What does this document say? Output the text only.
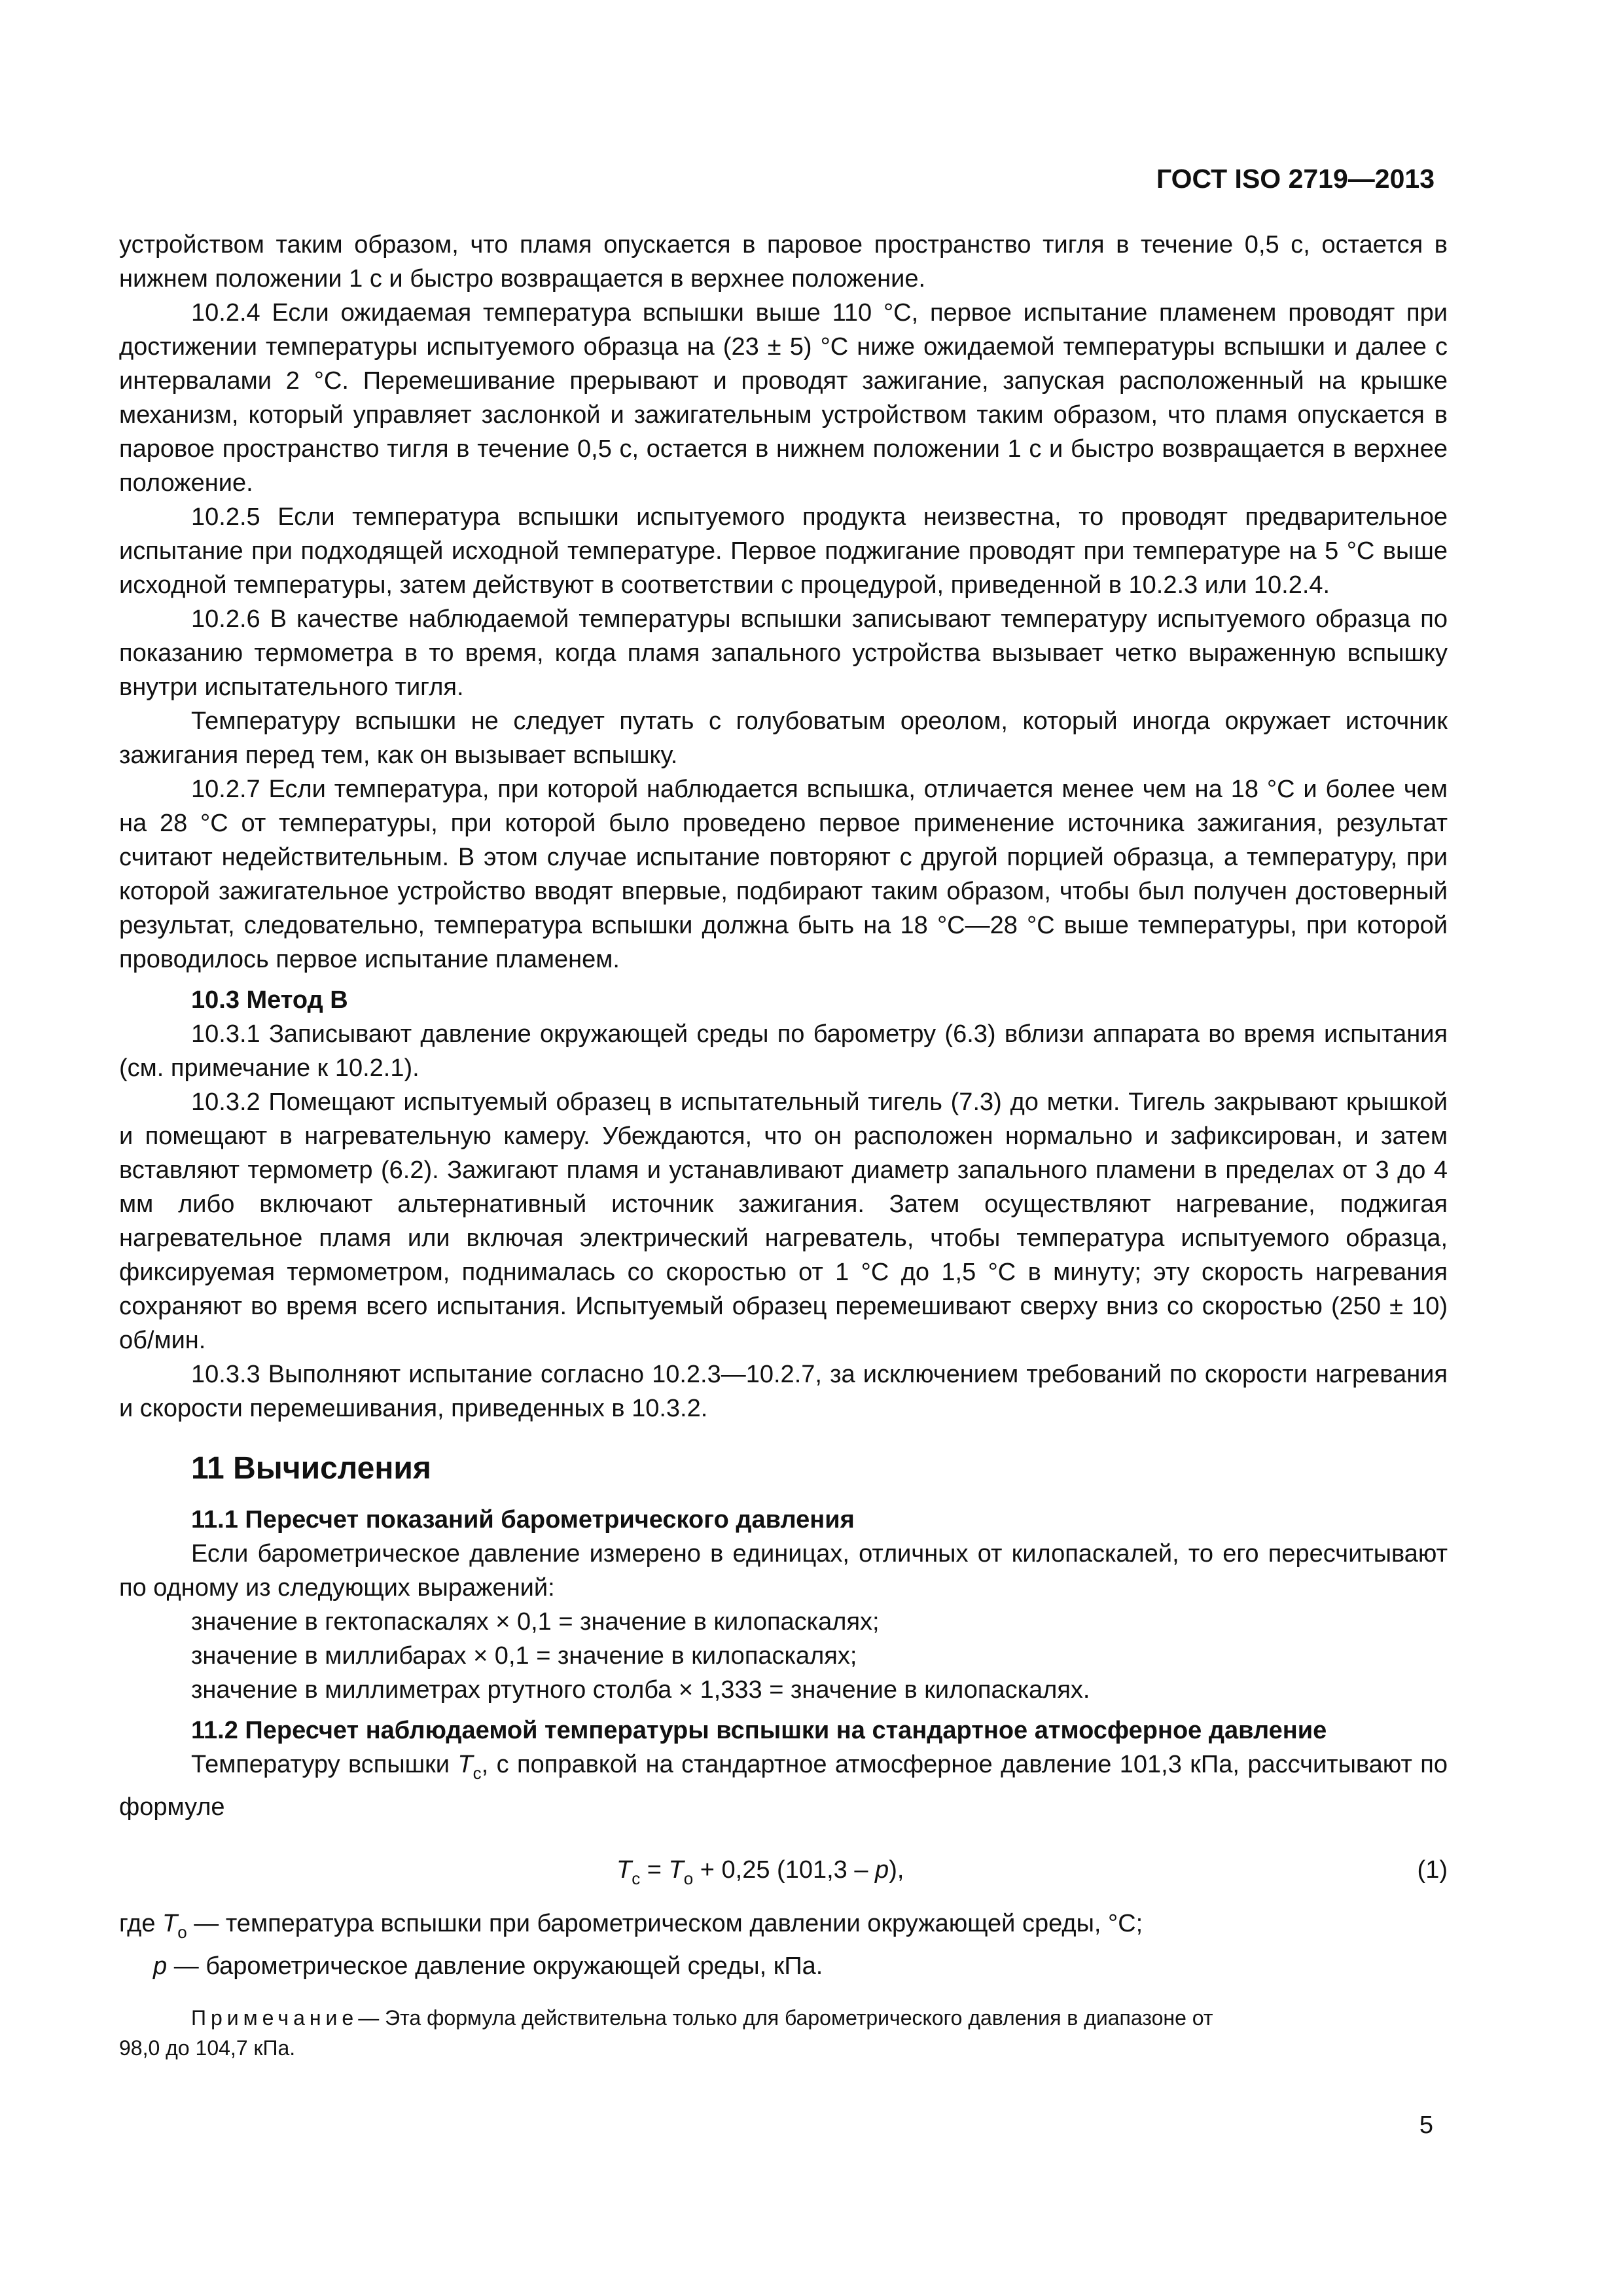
ГОСТ ISO 2719—2013

устройством таким образом, что пламя опускается в паровое пространство тигля в течение 0,5 с, остается в нижнем положении 1 с и быстро возвращается в верхнее положение.

10.2.4 Если ожидаемая температура вспышки выше 110 °С, первое испытание пламенем проводят при достижении температуры испытуемого образца на (23 ± 5) °С ниже ожидаемой температуры вспышки и далее с интервалами 2 °С. Перемешивание прерывают и проводят зажигание, запуская расположенный на крышке механизм, который управляет заслонкой и зажигательным устройством таким образом, что пламя опускается в паровое пространство тигля в течение 0,5 с, остается в нижнем положении 1 с и быстро возвращается в верхнее положение.

10.2.5 Если температура вспышки испытуемого продукта неизвестна, то проводят предварительное испытание при подходящей исходной температуре. Первое поджигание проводят при температуре на 5 °С выше исходной температуры, затем действуют в соответствии с процедурой, приведенной в 10.2.3 или 10.2.4.

10.2.6 В качестве наблюдаемой температуры вспышки записывают температуру испытуемого образца по показанию термометра в то время, когда пламя запального устройства вызывает четко выраженную вспышку внутри испытательного тигля.

Температуру вспышки не следует путать с голубоватым ореолом, который иногда окружает источник зажигания перед тем, как он вызывает вспышку.

10.2.7 Если температура, при которой наблюдается вспышка, отличается менее чем на 18 °С и более чем на 28 °С от температуры, при которой было проведено первое применение источника зажигания, результат считают недействительным. В этом случае испытание повторяют с другой порцией образца, а температуру, при которой зажигательное устройство вводят впервые, подбирают таким образом, чтобы был получен достоверный результат, следовательно, температура вспышки должна быть на 18 °С—28 °С выше температуры, при которой проводилось первое испытание пламенем.

10.3 Метод В

10.3.1 Записывают давление окружающей среды по барометру (6.3) вблизи аппарата во время испытания (см. примечание к 10.2.1).

10.3.2 Помещают испытуемый образец в испытательный тигель (7.3) до метки. Тигель закрывают крышкой и помещают в нагревательную камеру. Убеждаются, что он расположен нормально и зафиксирован, и затем вставляют термометр (6.2). Зажигают пламя и устанавливают диаметр запального пламени в пределах от 3 до 4 мм либо включают альтернативный источник зажигания. Затем осуществляют нагревание, поджигая нагревательное пламя или включая электрический нагреватель, чтобы температура испытуемого образца, фиксируемая термометром, поднималась со скоростью от 1 °С до 1,5 °С в минуту; эту скорость нагревания сохраняют во время всего испытания. Испытуемый образец перемешивают сверху вниз со скоростью (250 ± 10) об/мин.

10.3.3 Выполняют испытание согласно 10.2.3—10.2.7, за исключением требований по скорости нагревания и скорости перемешивания, приведенных в 10.3.2.

11 Вычисления

11.1 Пересчет показаний барометрического давления

Если барометрическое давление измерено в единицах, отличных от килопаскалей, то его пересчитывают по одному из следующих выражений:

значение в гектопаскалях × 0,1 = значение в килопаскалях;

значение в миллибарах × 0,1 = значение в килопаскалях;

значение в миллиметрах ртутного столба × 1,333 = значение в килопаскалях.

11.2 Пересчет наблюдаемой температуры вспышки на стандартное атмосферное давление

Температуру вспышки $T_c$, с поправкой на стандартное атмосферное давление 101,3 кПа, рассчитывают по формуле

$T_c = T_o + 0,25$ (101,3 – p),	(1)

где $T_o$ — температура вспышки при барометрическом давлении окружающей среды, °С;

p — барометрическое давление окружающей среды, кПа.

Примечание— Эта формула действительна только для барометрического давления в диапазоне от

98,0 до 104,7 кПа.

5
